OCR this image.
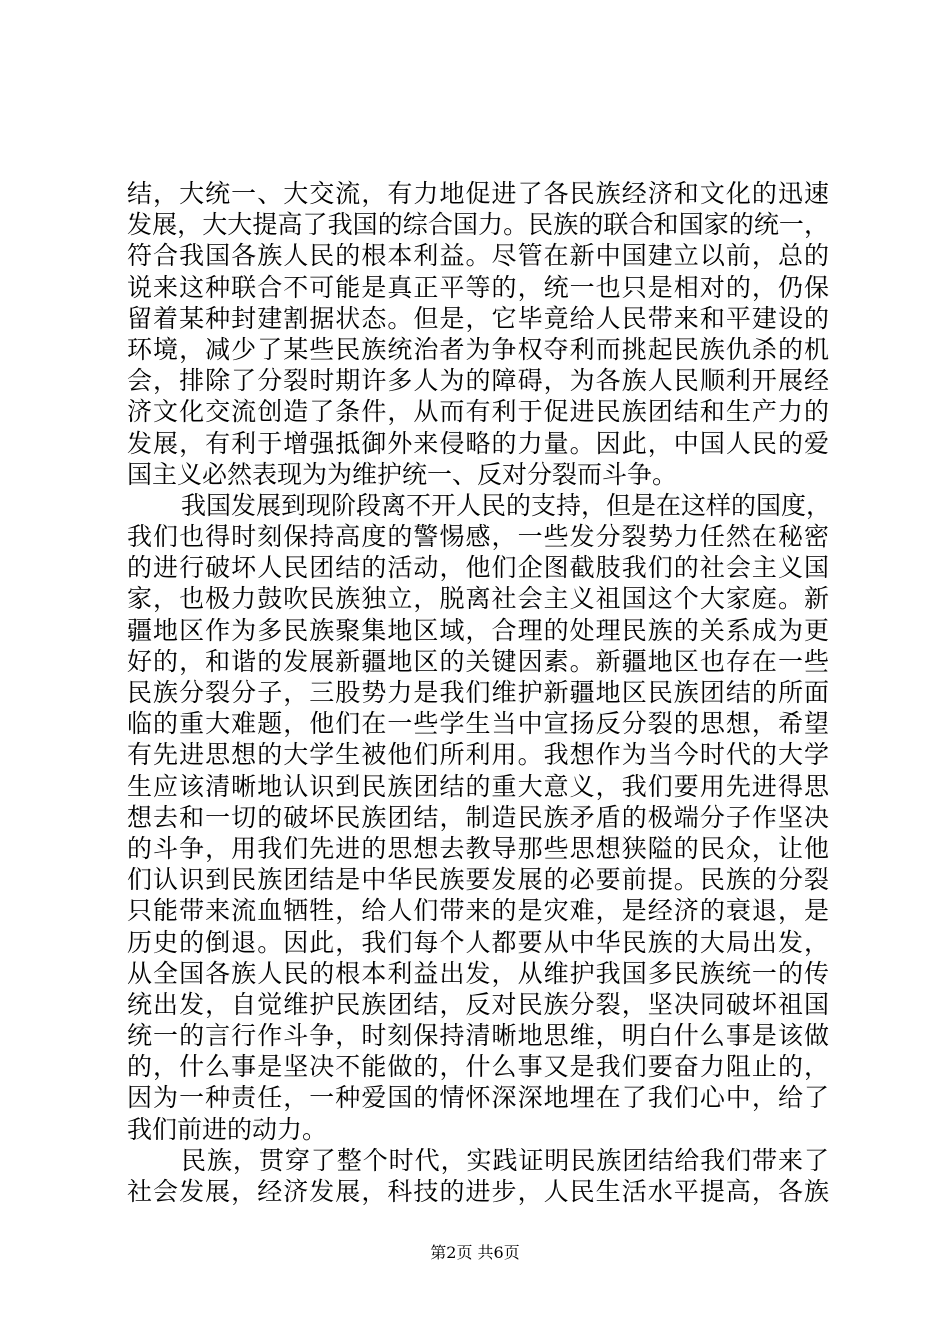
结，大统一、大交流，有力地促进了各民族经济和文化的迅速
发展，大大提高了我国的综合国力。民族的联合和国家的统一，
符合我国各族人民的根本利益。尽管在新中国建立以前，总的
说来这种联合不可能是真正平等的，统一也只是相对的，仍保
留着某种封建割据状态。但是，它毕竟给人民带来和平建设的
环境，减少了某些民族统治者为争权夺利而挑起民族仇杀的机
会，排除了分裂时期许多人为的障碍，为各族人民顺利开展经
济文化交流创造了条件，从而有利于促进民族团结和生产力的
发展，有利于增强抵御外来侵略的力量。因此，中国人民的爱
国主义必然表现为为维护统一、反对分裂而斗争。
我国发展到现阶段离不开人民的支持，但是在这样的国度，
我们也得时刻保持高度的警惕感，一些发分裂势力任然在秘密
的进行破坏人民团结的活动，他们企图截肢我们的社会主义国
家，也极力鼓吹民族独立，脱离社会主义祖国这个大家庭。新
疆地区作为多民族聚集地区域，合理的处理民族的关系成为更
好的，和谐的发展新疆地区的关键因素。新疆地区也存在一些
民族分裂分子，三股势力是我们维护新疆地区民族团结的所面
临的重大难题，他们在一些学生当中宣扬反分裂的思想，希望
有先进思想的大学生被他们所利用。我想作为当今时代的大学
生应该清晰地认识到民族团结的重大意义，我们要用先进得思
想去和一切的破坏民族团结，制造民族矛盾的极端分子作坚决
的斗争，用我们先进的思想去教导那些思想狭隘的民众，让他
们认识到民族团结是中华民族要发展的必要前提。民族的分裂
只能带来流血牺牲，给人们带来的是灾难，是经济的衰退，是
历史的倒退。因此，我们每个人都要从中华民族的大局出发，
从全国各族人民的根本利益出发，从维护我国多民族统一的传
统出发，自觉维护民族团结，反对民族分裂，坚决同破坏祖国
统一的言行作斗争，时刻保持清晰地思维，明白什么事是该做
的，什么事是坚决不能做的，什么事又是我们要奋力阻止的，
因为一种责任，一种爱国的情怀深深地埋在了我们心中，给了
我们前进的动力。
民族，贯穿了整个时代，实践证明民族团结给我们带来了
社会发展，经济发展，科技的进步，人民生活水平提高，各族
第2页 共6页
